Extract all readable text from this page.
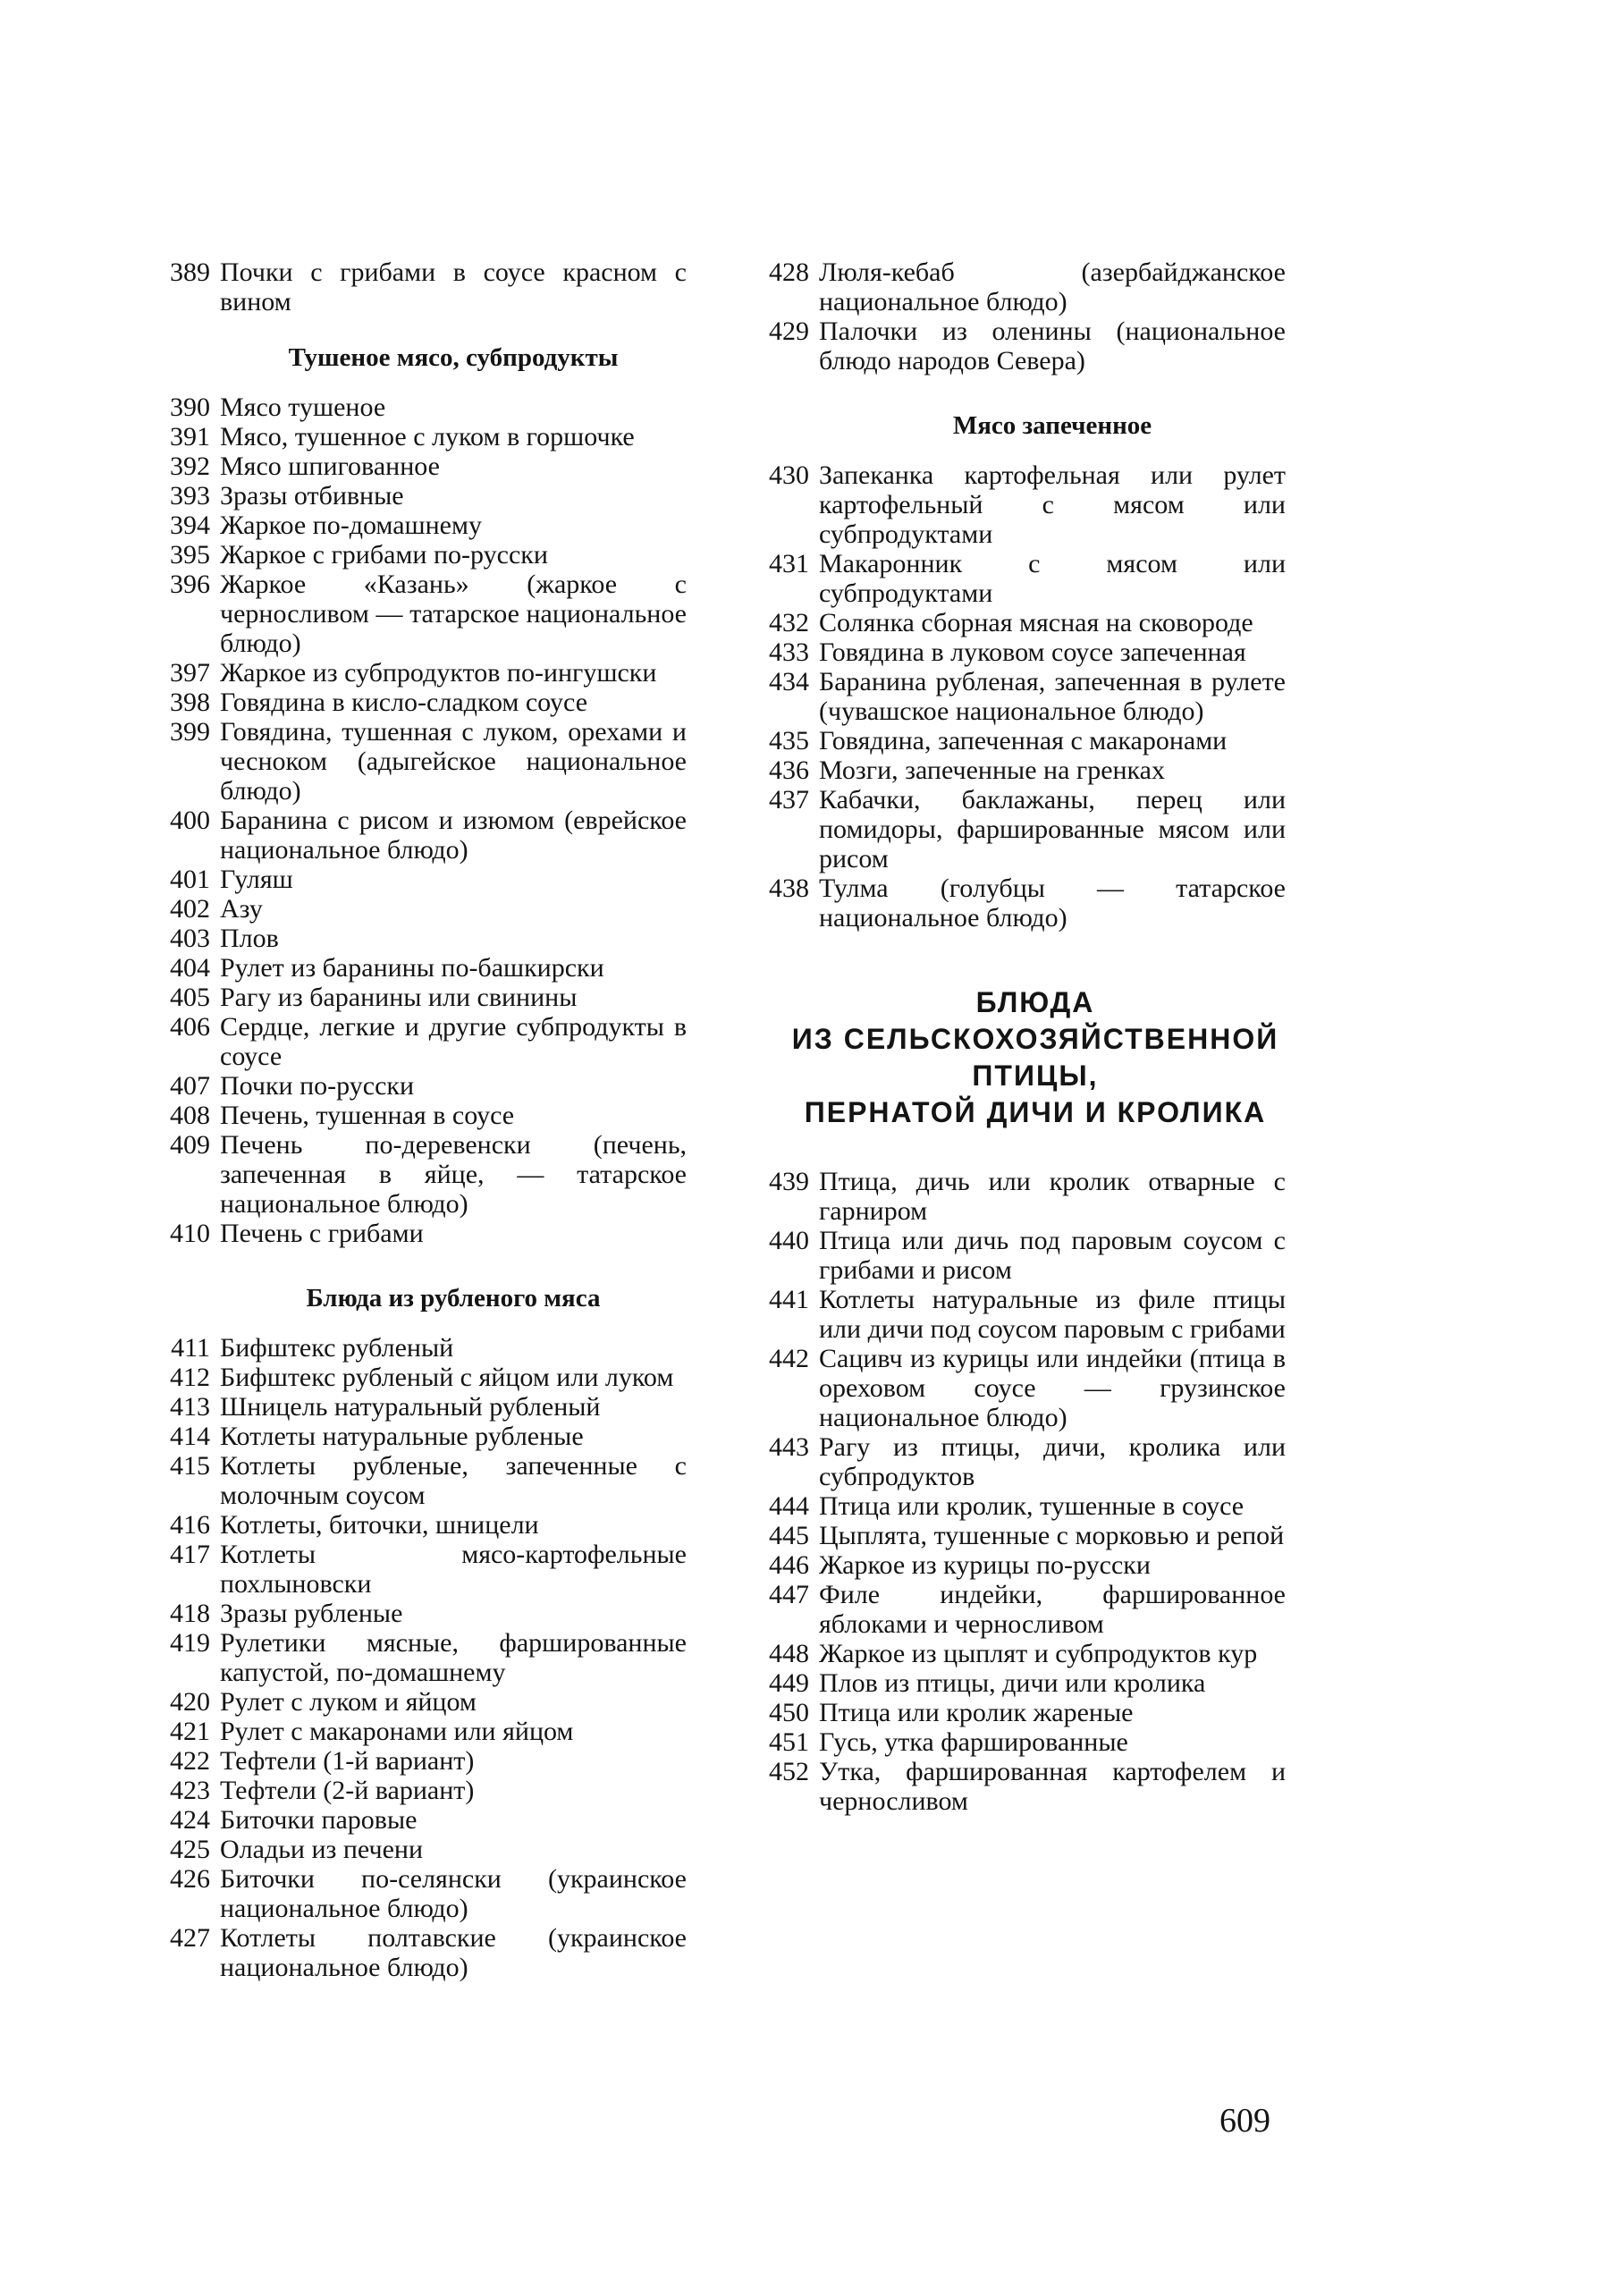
389 Почки с грибами в соусе красном с вином
Тушеное мясо, субпродукты
390 Мясо тушеное
391 Мясо, тушенное с луком в горшочке
392 Мясо шпигованное
393 Зразы отбивные
394 Жаркое по-домашнему
395 Жаркое с грибами по-русски
396 Жаркое «Казань» (жаркое с черносливом — татарское национальное блюдо)
397 Жаркое из субпродуктов по-ингушски
398 Говядина в кисло-сладком соусе
399 Говядина, тушенная с луком, орехами и чесноком (адыгейское национальное блюдо)
400 Баранина с рисом и изюмом (еврейское национальное блюдо)
401 Гуляш
402 Азу
403 Плов
404 Рулет из баранины по-башкирски
405 Рагу из баранины или свинины
406 Сердце, легкие и другие субпродукты в соусе
407 Почки по-русски
408 Печень, тушенная в соусе
409 Печень по-деревенски (печень, запеченная в яйце, — татарское национальное блюдо)
410 Печень с грибами
Блюда из рубленого мяса
411 Бифштекс рубленый
412 Бифштекс рубленый с яйцом или луком
413 Шницель натуральный рубленый
414 Котлеты натуральные рубленые
415 Котлеты рубленые, запеченные с молочным соусом
416 Котлеты, биточки, шницели
417 Котлеты мясо-картофельные похлыновски
418 Зразы рубленые
419 Рулетики мясные, фаршированные капустой, по-домашнему
420 Рулет с луком и яйцом
421 Рулет с макаронами или яйцом
422 Тефтели (1-й вариант)
423 Тефтели (2-й вариант)
424 Биточки паровые
425 Оладьи из печени
426 Биточки по-селянски (украинское национальное блюдо)
427 Котлеты полтавские (украинское национальное блюдо)
428 Люля-кебаб (азербайджанское национальное блюдо)
429 Палочки из оленины (национальное блюдо народов Севера)
Мясо запеченное
430 Запеканка картофельная или рулет картофельный с мясом или субпродуктами
431 Макаронник с мясом или субпродуктами
432 Солянка сборная мясная на сковороде
433 Говядина в луковом соусе запеченная
434 Баранина рубленая, запеченная в рулете (чувашское национальное блюдо)
435 Говядина, запеченная с макаронами
436 Мозги, запеченные на гренках
437 Кабачки, баклажаны, перец или помидоры, фаршированные мясом или рисом
438 Тулма (голубцы — татарское национальное блюдо)
БЛЮДА
ИЗ СЕЛЬСКОХОЗЯЙСТВЕННОЙ
ПТИЦЫ,
ПЕРНАТОЙ ДИЧИ И КРОЛИКА
439 Птица, дичь или кролик отварные с гарниром
440 Птица или дичь под паровым соусом с грибами и рисом
441 Котлеты натуральные из филе птицы или дичи под соусом паровым с грибами
442 Сацивч из курицы или индейки (птица в ореховом соусе — грузинское национальное блюдо)
443 Рагу из птицы, дичи, кролика или субпродуктов
444 Птица или кролик, тушенные в соусе
445 Цыплята, тушенные с морковью и репой
446 Жаркое из курицы по-русски
447 Филе индейки, фаршированное яблоками и черносливом
448 Жаркое из цыплят и субпродуктов кур
449 Плов из птицы, дичи или кролика
450 Птица или кролик жареные
451 Гусь, утка фаршированные
452 Утка, фаршированная картофелем и черносливом
609
